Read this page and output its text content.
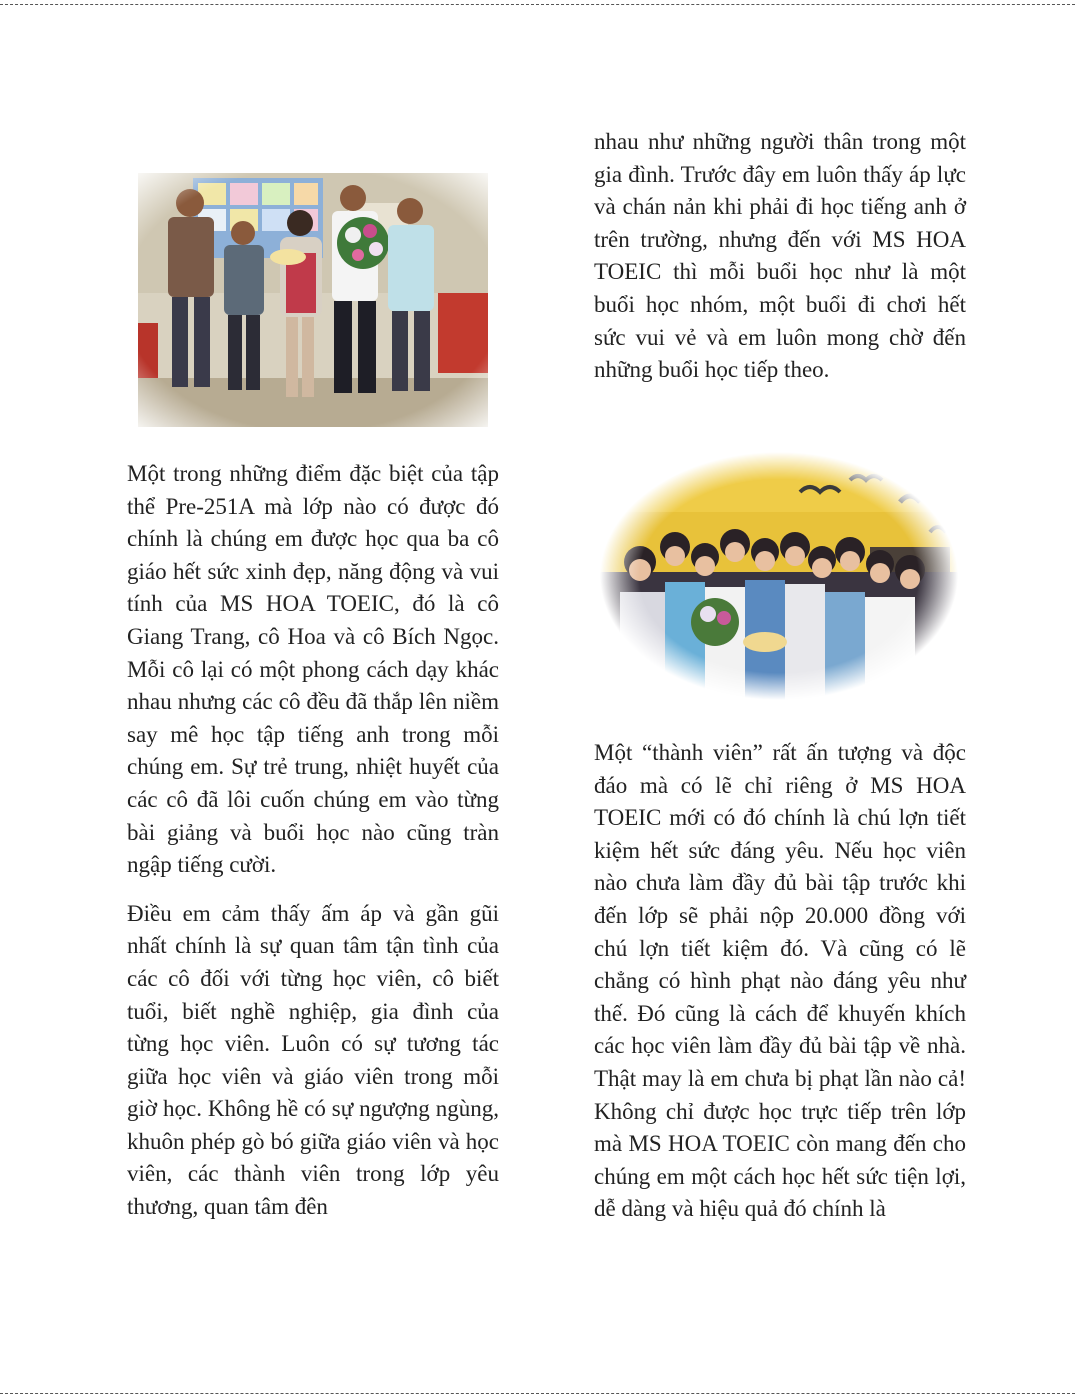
Một trong những điểm đặc biệt của tập thể Pre-251A mà lớp nào có được đó chính là chúng em được học qua ba cô giáo hết sức xinh đẹp, năng động và vui tính của MS HOA TOEIC, đó là cô Giang Trang, cô Hoa và cô Bích Ngọc. Mỗi cô lại có một phong cách dạy khác nhau nhưng các cô đều đã thắp lên niềm say mê học tập tiếng anh trong mỗi chúng em. Sự trẻ trung, nhiệt huyết của các cô đã lôi cuốn chúng em vào từng bài giảng và buổi học nào cũng tràn ngập tiếng cười.

Điều em cảm thấy ấm áp và gần gũi nhất chính là sự quan tâm tận tình của các cô đối với từng học viên, cô biết tuổi, biết nghề nghiệp, gia đình của từng học viên. Luôn có sự tương tác giữa học viên và giáo viên trong mỗi giờ học. Không hề có sự ngượng ngùng, khuôn phép gò bó giữa giáo viên và học viên, các thành viên trong lớp yêu thương, quan tâm đên

nhau như những người thân trong một gia đình. Trước đây em luôn thấy áp lực và chán nản khi phải đi học tiếng anh ở trên trường, nhưng đến với MS HOA TOEIC thì mỗi buổi học như là một buổi học nhóm, một buổi đi chơi hết sức vui vẻ và em luôn mong chờ đến những buổi học tiếp theo.

Một “thành viên” rất ấn tượng và độc đáo mà có lẽ chỉ riêng ở MS HOA TOEIC mới có đó chính là chú lợn tiết kiệm hết sức đáng yêu. Nếu học viên nào chưa làm đầy đủ bài tập trước khi đến lớp sẽ phải nộp 20.000 đồng với chú lợn tiết kiệm đó. Và cũng có lẽ chẳng có hình phạt nào đáng yêu như thế. Đó cũng là cách để khuyến khích các học viên làm đầy đủ bài tập về nhà. Thật may là em chưa bị phạt lần nào cả! Không chỉ được học trực tiếp trên lớp mà MS HOA TOEIC còn mang đến cho chúng em một cách học hết sức tiện lợi, dễ dàng và hiệu quả đó chính là
